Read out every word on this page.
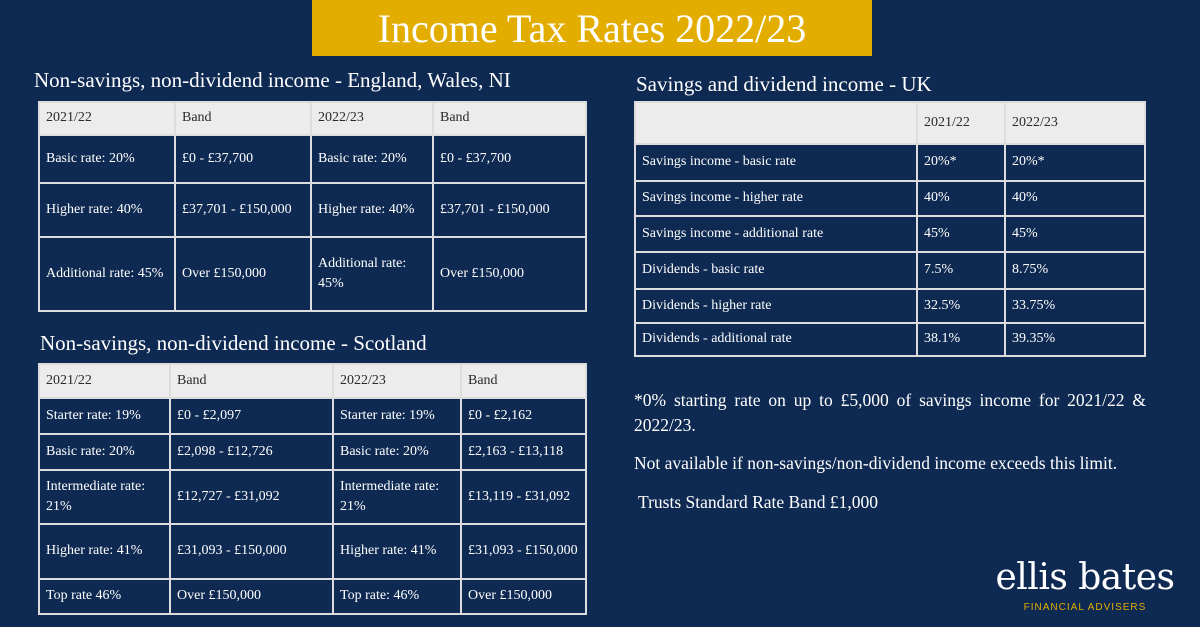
Income Tax Rates 2022/23
Non-savings, non-dividend income - England, Wales, NI
2021/22	Band	2022/23	Band
Basic rate: 20%	£0 - £37,700	Basic rate: 20%	£0 - £37,700
Higher rate: 40%	£37,701 - £150,000	Higher rate: 40%	£37,701 - £150,000
Additional rate: 45%	Over £150,000	Additional rate: 45%	Over £150,000
Non-savings, non-dividend income - Scotland
2021/22	Band	2022/23	Band
Starter rate: 19%	£0 - £2,097	Starter rate: 19%	£0 - £2,162
Basic rate: 20%	£2,098 - £12,726	Basic rate: 20%	£2,163 - £13,118
Intermediate rate: 21%	£12,727 - £31,092	Intermediate rate: 21%	£13,119 - £31,092
Higher rate: 41%	£31,093 - £150,000	Higher rate: 41%	£31,093 - £150,000
Top rate 46%	Over £150,000	Top rate: 46%	Over £150,000
Savings and dividend income - UK
	2021/22	2022/23
Savings income - basic rate	20%*	20%*
Savings income - higher rate	40%	40%
Savings income - additional rate	45%	45%
Dividends - basic rate	7.5%	8.75%
Dividends - higher rate	32.5%	33.75%
Dividends - additional rate	38.1%	39.35%

*0% starting rate on up to £5,000 of savings income for 2021/22 & 2022/23.

Not available if non-savings/non-dividend income exceeds this limit.

Trusts Standard Rate Band £1,000

ellis bates
FINANCIAL ADVISERS
